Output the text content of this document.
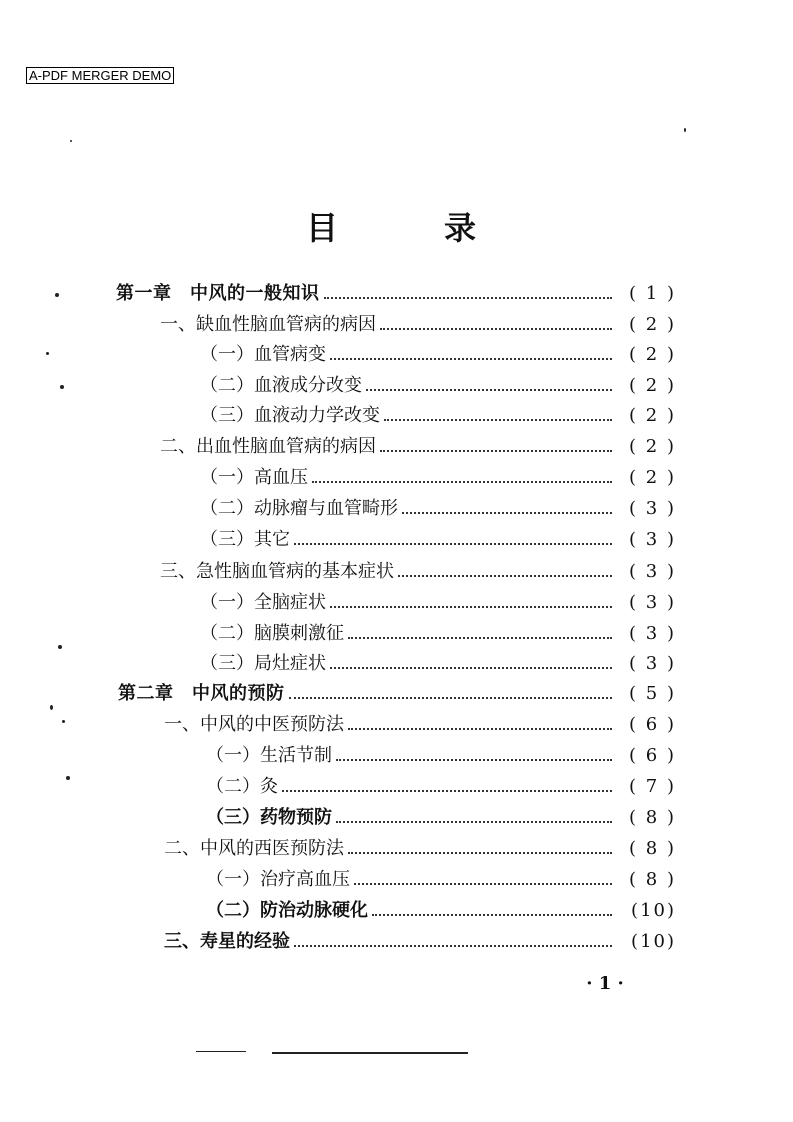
A-PDF MERGER DEMO
目	录
第一章　中风的一般知识	( 1 )
一、缺血性脑血管病的病因	( 2 )
（一）血管病变	( 2 )
（二）血液成分改变	( 2 )
（三）血液动力学改变	( 2 )
二、出血性脑血管病的病因	( 2 )
（一）高血压	( 2 )
（二）动脉瘤与血管畸形	( 3 )
（三）其它	( 3 )
三、急性脑血管病的基本症状	( 3 )
（一）全脑症状	( 3 )
（二）脑膜刺激征	( 3 )
（三）局灶症状	( 3 )
第二章　中风的预防	( 5 )
一、中风的中医预防法	( 6 )
（一）生活节制	( 6 )
（二）灸	( 7 )
（三）药物预防	( 8 )
二、中风的西医预防法	( 8 )
（一）治疗高血压	( 8 )
（二）防治动脉硬化	(10)
三、寿星的经验	(10)
· 1 ·
